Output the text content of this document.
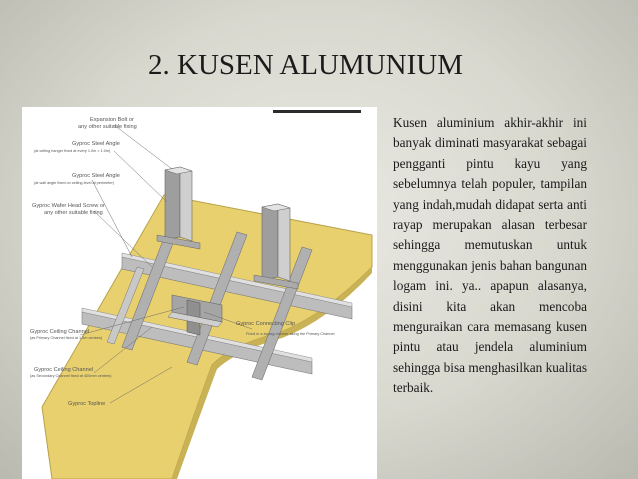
2. KUSEN ALUMUNIUM
Expansion Bolt or
any other suitable fixing
Gyproc Steel Angle
(at ceiling hanger fixed at every 1.0m × 1.0m)
Gyproc Steel Angle
(at wall angle fixed on ceiling level at perimeter)
Gyproc Wafer Head Screw or
any other suitable fixing
Gyproc Ceiling Channel
(as Primary Channel fixed at 1.0m centres)
Gyproc Connecting Clip
Fixed in a zigzag manner along the Primary Channel
Gyproc Ceiling Channel
(as Secondary Channel fixed at 400mm centres)
Gyproc Topline
Kusen aluminium akhir-akhir ini banyak diminati masyarakat sebagai pengganti pintu kayu yang sebelumnya telah populer, tampilan yang indah,mudah didapat serta anti rayap merupakan alasan terbesar sehingga memutuskan untuk menggunakan jenis bahan bangunan logam ini. ya.. apapun alasanya, disini kita akan mencoba menguraikan cara memasang kusen pintu atau jendela aluminium sehingga bisa menghasilkan kualitas terbaik.
